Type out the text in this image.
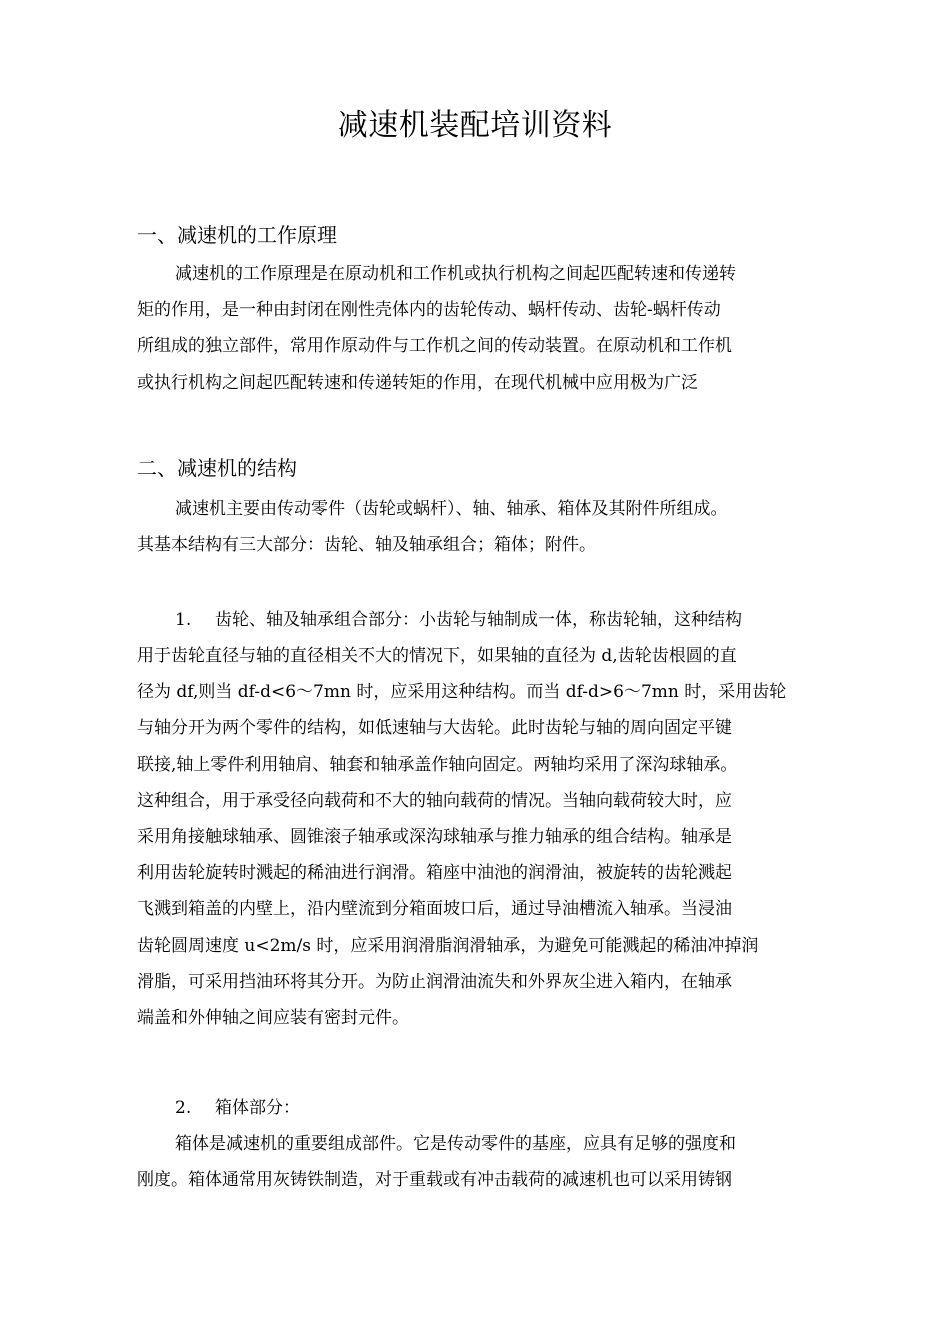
减速机装配培训资料
一、减速机的工作原理
减速机的工作原理是在原动机和工作机或执行机构之间起匹配转速和传递转
矩的作用，是一种由封闭在刚性壳体内的齿轮传动、蜗杆传动、齿轮-蜗杆传动
所组成的独立部件，常用作原动件与工作机之间的传动装置。在原动机和工作机
或执行机构之间起匹配转速和传递转矩的作用，在现代机械中应用极为广泛
二、减速机的结构
减速机主要由传动零件（齿轮或蜗杆）、轴、轴承、箱体及其附件所组成。
其基本结构有三大部分：齿轮、轴及轴承组合；箱体；附件。

1. 齿轮、轴及轴承组合部分：小齿轮与轴制成一体，称齿轮轴，这种结构

用于齿轮直径与轴的直径相关不大的情况下，如果轴的直径为 d,齿轮齿根圆的直
径为 df,则当 df-d<6～7mn 时，应采用这种结构。而当 df-d>6～7mn 时，采用齿轮
与轴分开为两个零件的结构，如低速轴与大齿轮。此时齿轮与轴的周向固定平键
联接,轴上零件利用轴肩、轴套和轴承盖作轴向固定。两轴均采用了深沟球轴承。
这种组合，用于承受径向载荷和不大的轴向载荷的情况。当轴向载荷较大时，应
采用角接触球轴承、圆锥滚子轴承或深沟球轴承与推力轴承的组合结构。轴承是
利用齿轮旋转时溅起的稀油进行润滑。箱座中油池的润滑油，被旋转的齿轮溅起
飞溅到箱盖的内壁上，沿内壁流到分箱面坡口后，通过导油槽流入轴承。当浸油
齿轮圆周速度 u<2m/s 时，应采用润滑脂润滑轴承，为避免可能溅起的稀油冲掉润
滑脂，可采用挡油环将其分开。为防止润滑油流失和外界灰尘进入箱内，在轴承
端盖和外伸轴之间应装有密封元件。

2. 箱体部分：

箱体是减速机的重要组成部件。它是传动零件的基座，应具有足够的强度和
刚度。箱体通常用灰铸铁制造，对于重载或有冲击载荷的减速机也可以采用铸钢
